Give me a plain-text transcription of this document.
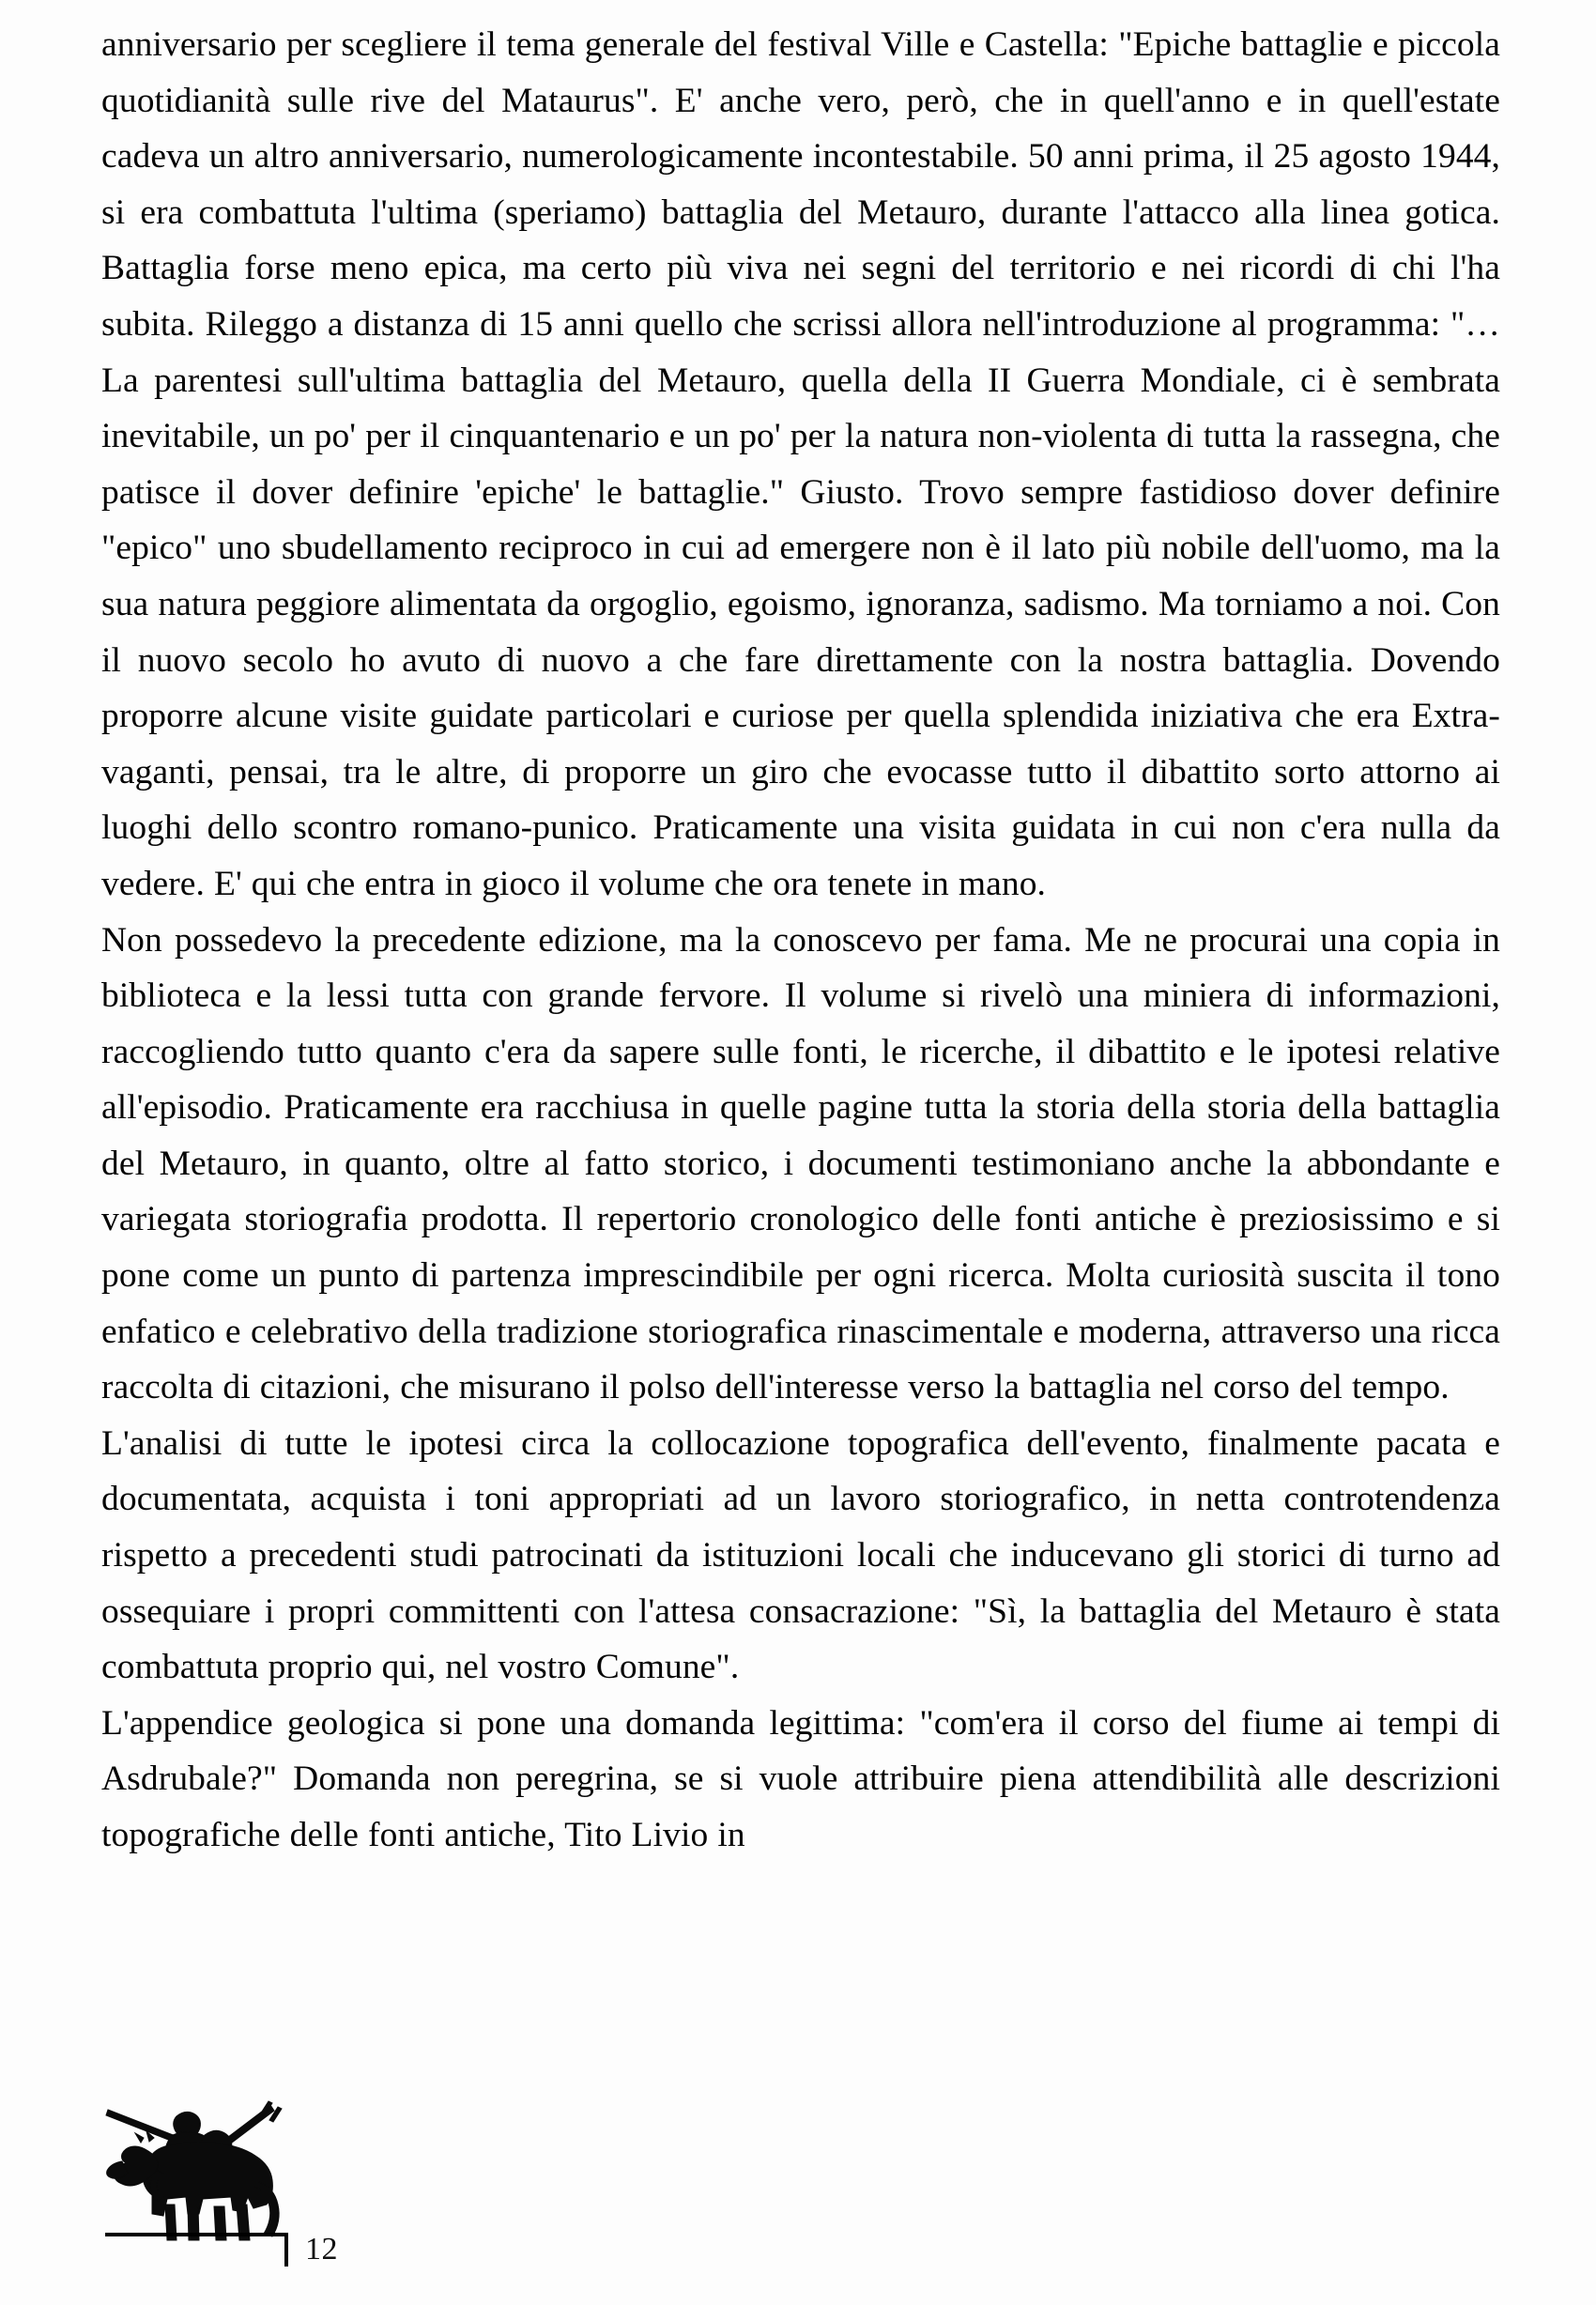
anniversario per scegliere il tema generale del festival Ville e Castella: "Epiche battaglie e piccola quotidianità sulle rive del Mataurus". E' anche vero, però, che in quell'anno e in quell'estate cadeva un altro anniversario, numerologicamente incontestabile. 50 anni prima, il 25 agosto 1944, si era combattuta l'ultima (speriamo) battaglia del Metauro, durante l'attacco alla linea gotica. Battaglia forse meno epica, ma certo più viva nei segni del territorio e nei ricordi di chi l'ha subita. Rileggo a distanza di 15 anni quello che scrissi allora nell'introduzione al programma: "…La parentesi sull'ultima battaglia del Metauro, quella della II Guerra Mondiale, ci è sembrata inevitabile, un po' per il cinquantenario e un po' per la natura non-violenta di tutta la rassegna, che patisce il dover definire 'epiche' le battaglie." Giusto. Trovo sempre fastidioso dover definire "epico" uno sbudellamento reciproco in cui ad emergere non è il lato più nobile dell'uomo, ma la sua natura peggiore alimentata da orgoglio, egoismo, ignoranza, sadismo. Ma torniamo a noi. Con il nuovo secolo ho avuto di nuovo a che fare direttamente con la nostra battaglia. Dovendo proporre alcune visite guidate particolari e curiose per quella splendida iniziativa che era Extra-vaganti, pensai, tra le altre, di proporre un giro che evocasse tutto il dibattito sorto attorno ai luoghi dello scontro romano-punico. Praticamente una visita guidata in cui non c'era nulla da vedere. E' qui che entra in gioco il volume che ora tenete in mano.

Non possedevo la precedente edizione, ma la conoscevo per fama. Me ne procurai una copia in biblioteca e la lessi tutta con grande fervore. Il volume si rivelò una miniera di informazioni, raccogliendo tutto quanto c'era da sapere sulle fonti, le ricerche, il dibattito e le ipotesi relative all'episodio. Praticamente era racchiusa in quelle pagine tutta la storia della storia della battaglia del Metauro, in quanto, oltre al fatto storico, i documenti testimoniano anche la abbondante e variegata storiografia prodotta. Il repertorio cronologico delle fonti antiche è preziosissimo e si pone come un punto di partenza imprescindibile per ogni ricerca. Molta curiosità suscita il tono enfatico e celebrativo della tradizione storiografica rinascimentale e moderna, attraverso una ricca raccolta di citazioni, che misurano il polso dell'interesse verso la battaglia nel corso del tempo.

L'analisi di tutte le ipotesi circa la collocazione topografica dell'evento, finalmente pacata e documentata, acquista i toni appropriati ad un lavoro storiografico, in netta controtendenza rispetto a precedenti studi patrocinati da istituzioni locali che inducevano gli storici di turno ad ossequiare i propri committenti con l'attesa consacrazione: "Sì, la battaglia del Metauro è stata combattuta proprio qui, nel vostro Comune".

L'appendice geologica si pone una domanda legittima: "com'era il corso del fiume ai tempi di Asdrubale?" Domanda non peregrina, se si vuole attribuire piena attendibilità alle descrizioni topografiche delle fonti antiche, Tito Livio in

12
